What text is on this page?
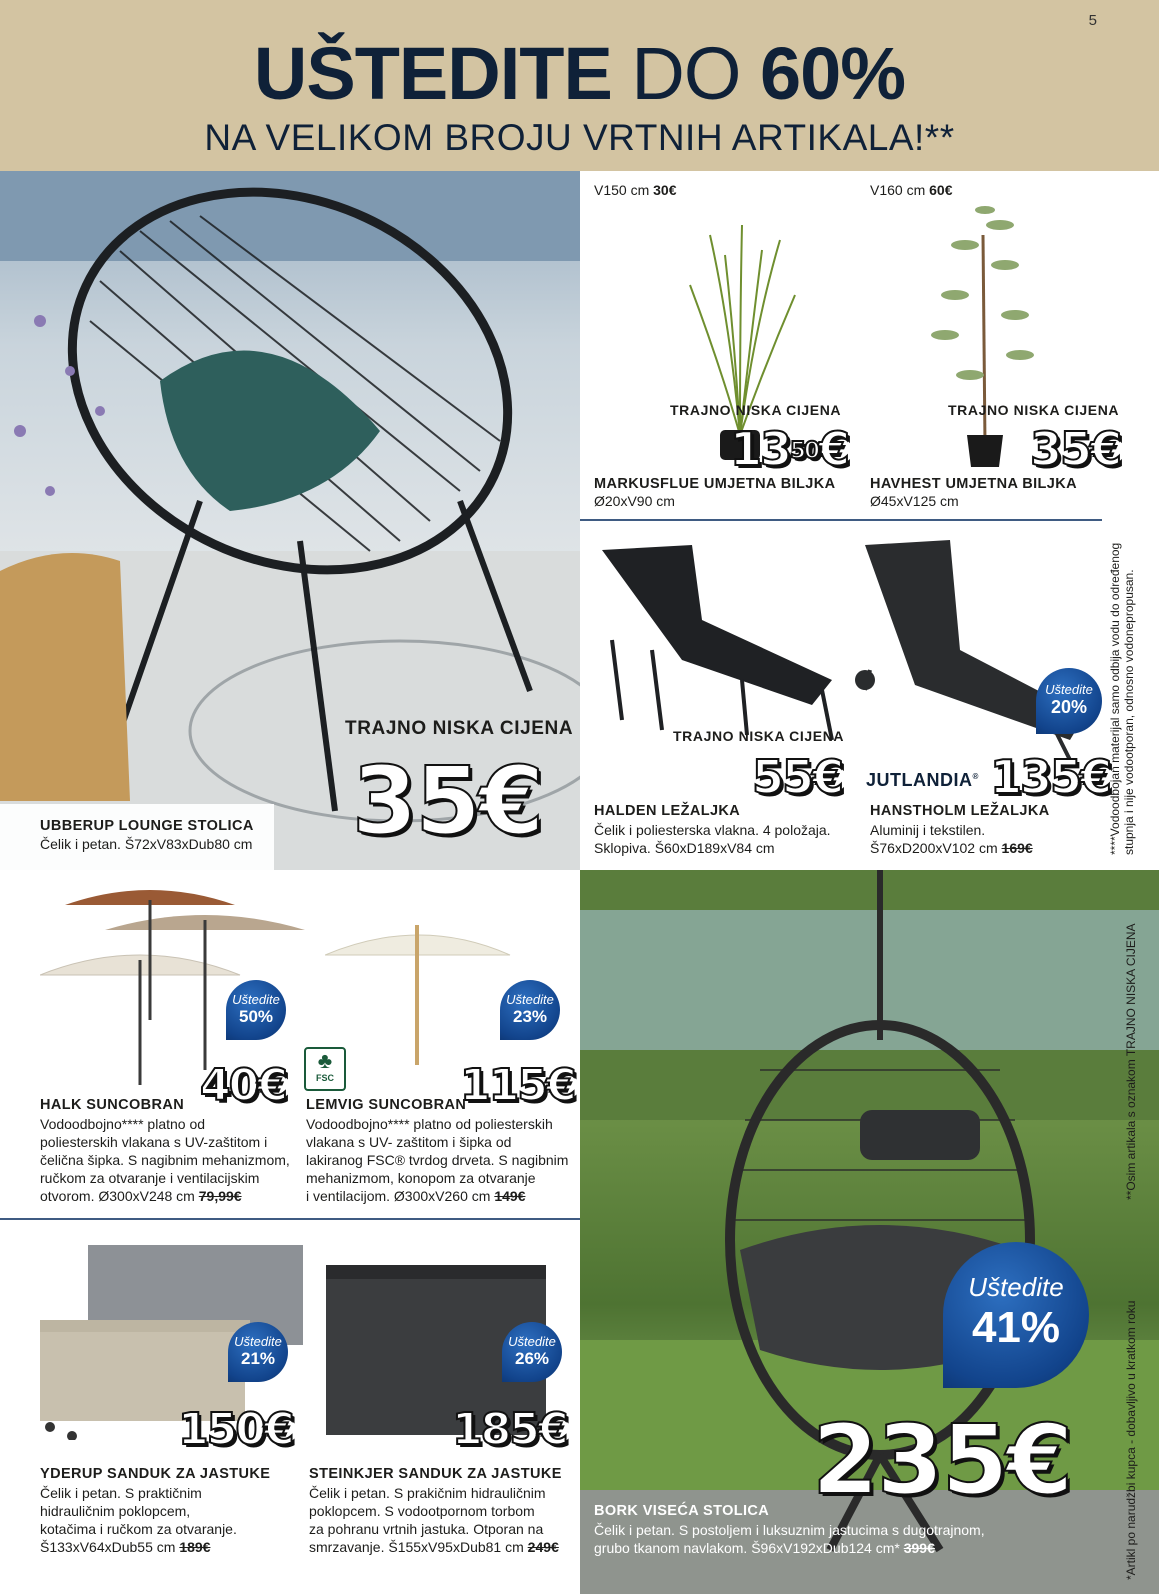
5
UŠTEDITE DO 60%
NA VELIKOM BROJU VRTNIH ARTIKALA!**
TRAJNO NISKA CIJENA
35€
UBBERUP LOUNGE STOLICA
Čelik i petan. Š72xV83xDub80 cm
V150 cm 30€
TRAJNO NISKA CIJENA
$13^{50}€$
MARKUSFLUE UMJETNA BILJKA
Ø20xV90 cm
V160 cm 60€
TRAJNO NISKA CIJENA
35€
HAVHEST UMJETNA BILJKA
Ø45xV125 cm
TRAJNO NISKA CIJENA
55€
HALDEN LEŽALJKA
Čelik i poliesterska vlakna. 4 položaja.
Sklopiva. Š60xD189xV84 cm
Uštedite
20%
JUTLANDIA® 135€
HANSTHOLM LEŽALJKA
Aluminij i tekstilen.
Š76xD200xV102 cm 169€	****Vodoodbojan materijal samo odbija vodu do određenog stupnja i nije vodootporan, odnosno vodonepropusan.
Uštedite
50%
40€
HALK SUNCOBRAN
Vodoodbojno**** platno od
poliesterskih vlakana s UV-zaštitom i
čelična šipka. S nagibnim mehanizmom,
ručkom za otvaranje i ventilacijskim
otvorom. Ø300xV248 cm 79,99€
Uštedite
23%
♣
FSC	115€
LEMVIG SUNCOBRAN
Vodoodbojno**** platno od poliesterskih
vlakana s UV- zaštitom i šipka od
lakiranog FSC® tvrdog drveta. S nagibnim
mehanizmom, konopom za otvaranje
i ventilacijom. Ø300xV260 cm 149€
Uštedite
21%
150€
YDERUP SANDUK ZA JASTUKE
Čelik i petan. S praktičnim
hidrauličnim poklopcem,
kotačima i ručkom za otvaranje.
Š133xV64xDub55 cm 189€
Uštedite
26%
185€
STEINKJER SANDUK ZA JASTUKE
Čelik i petan. S prakičnim hidrauličnim
poklopcem. S vodootpornom torbom
za pohranu vrtnih jastuka. Otporan na
smrzavanje. Š155xV95xDub81 cm 249€
Uštedite
41%
235€
BORK VISEĆA STOLICA
Čelik i petan. S postoljem i luksuznim jastucima s dugotrajnom,
grubo tkanom navlakom. Š96xV192xDub124 cm* 399€
**Osim artikala s oznakom TRAJNO NISKA CIJENA
*Artikl po narudžbi kupca - dobavljivo u kratkom roku
